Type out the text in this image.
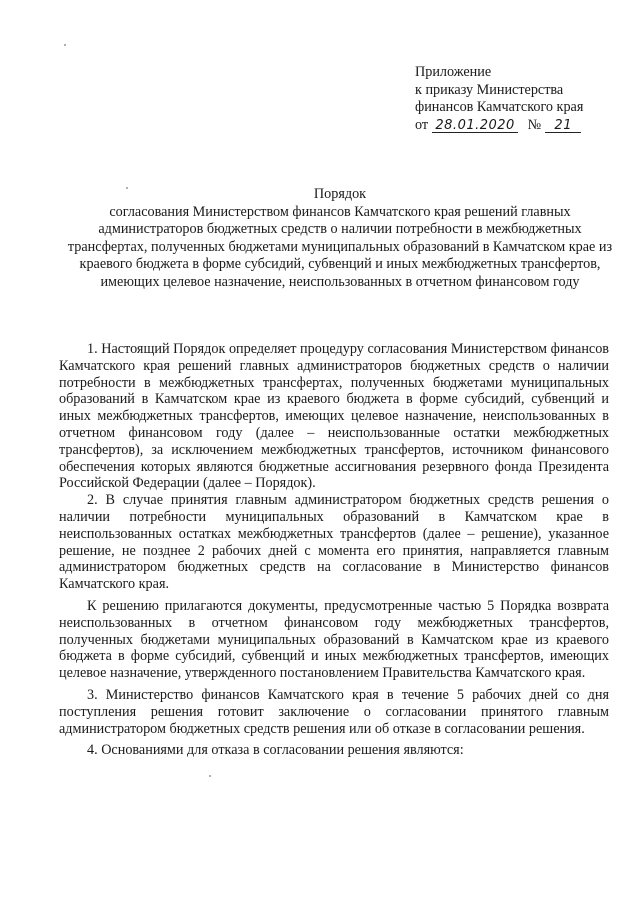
Приложение
к приказу Министерства
финансов Камчатского края
от 28.01.2020 № 21
Порядок
согласования Министерством финансов Камчатского края решений главных администраторов бюджетных средств о наличии потребности в межбюджетных трансфертах, полученных бюджетами муниципальных образований в Камчатском крае из краевого бюджета в форме субсидий, субвенций и иных межбюджетных трансфертов, имеющих целевое назначение, неиспользованных в отчетном финансовом году

1. Настоящий Порядок определяет процедуру согласования Министерством финансов Камчатского края решений главных администраторов бюджетных средств о наличии потребности в межбюджетных трансфертах, полученных бюджетами муниципальных образований в Камчатском крае из краевого бюджета в форме субсидий, субвенций и иных межбюджетных трансфертов, имеющих целевое назначение, неиспользованных в отчетном финансовом году (далее – неиспользованные остатки межбюджетных трансфертов), за исключением межбюджетных трансфертов, источником финансового обеспечения которых являются бюджетные ассигнования резервного фонда Президента Российской Федерации (далее – Порядок).

2. В случае принятия главным администратором бюджетных средств решения о наличии потребности муниципальных образований в Камчатском крае в неиспользованных остатках межбюджетных трансфертов (далее – решение), указанное решение, не позднее 2 рабочих дней с момента его принятия, направляется главным администратором бюджетных средств на согласование в Министерство финансов Камчатского края.

К решению прилагаются документы, предусмотренные частью 5 Порядка возврата неиспользованных в отчетном финансовом году межбюджетных трансфертов, полученных бюджетами муниципальных образований в Камчатском крае из краевого бюджета в форме субсидий, субвенций и иных межбюджетных трансфертов, имеющих целевое назначение, утвержденного постановлением Правительства Камчатского края.

3. Министерство финансов Камчатского края в течение 5 рабочих дней со дня поступления решения готовит заключение о согласовании принятого главным администратором бюджетных средств решения или об отказе в согласовании решения.

4. Основаниями для отказа в согласовании решения являются:
